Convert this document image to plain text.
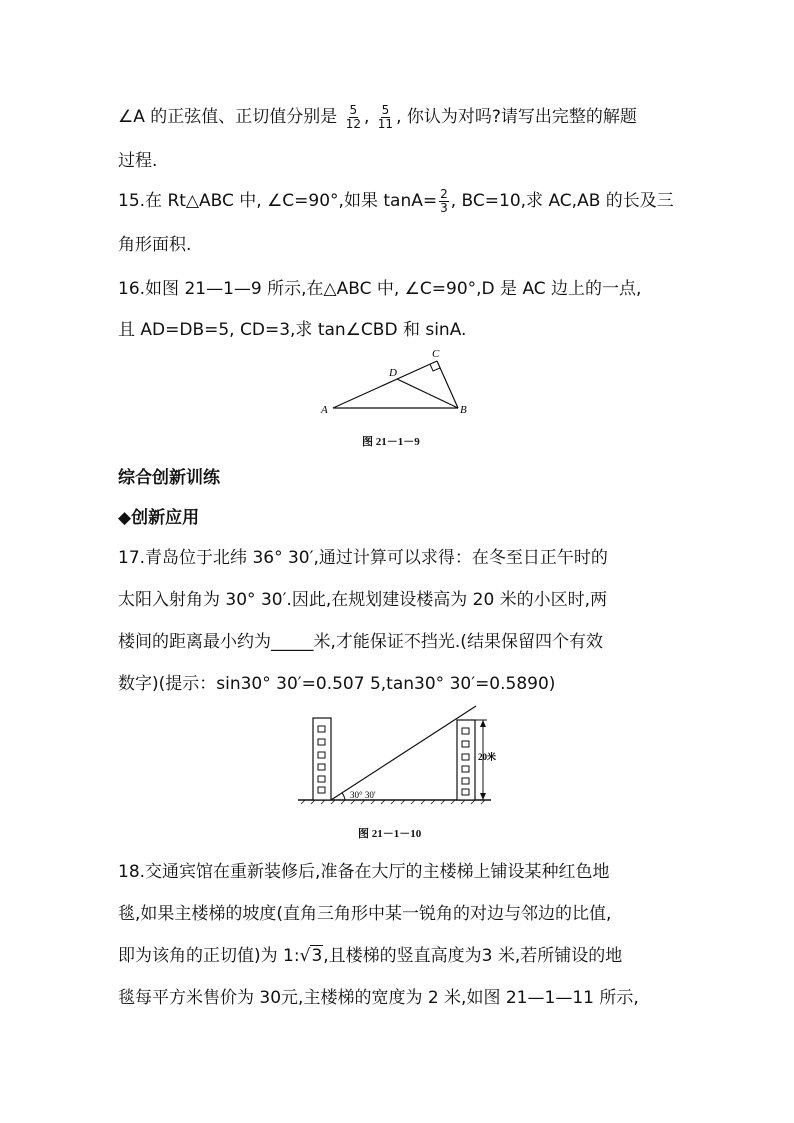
∠A 的正弦值、正切值分别是 $\frac{5}{12}$ , $\frac{5}{11}$ , 你认为对吗?请写出完整的解题
过程.
15.在 Rt△ABC 中, ∠C=90°,如果 $\tan A= \frac{2}{3}$ , BC=10,求 AC,AB 的长及三
角形面积.
16.如图 21—1—9 所示,在△ABC 中, ∠C=90°,D 是 AC 边上的一点,
且 AD=DB=5, CD=3,求 tan∠CBD 和 sinA.
A	B
C
D
图 21－1－9
综合创新训练
◆创新应用
17.青岛位于北纬 36° 30′,通过计算可以求得：在冬至日正午时的
太阳入射角为 30° 30′.因此,在规划建设楼高为 20 米的小区时,两
楼间的距离最小约为_____米,才能保证不挡光.(结果保留四个有效
数字)(提示：sin30° 30′=0.507 5,tan30° 30′=0.5890)
30° 30′
20米
图 21－1－10
18.交通宾馆在重新装修后,准备在大厅的主楼梯上铺设某种红色地
毯,如果主楼梯的坡度(直角三角形中某一锐角的对边与邻边的比值,
即为该角的正切值)为 1:√3,且楼梯的竖直高度为3 米,若所铺设的地
毯每平方米售价为 30元,主楼梯的宽度为 2 米,如图 21—1—11 所示,
